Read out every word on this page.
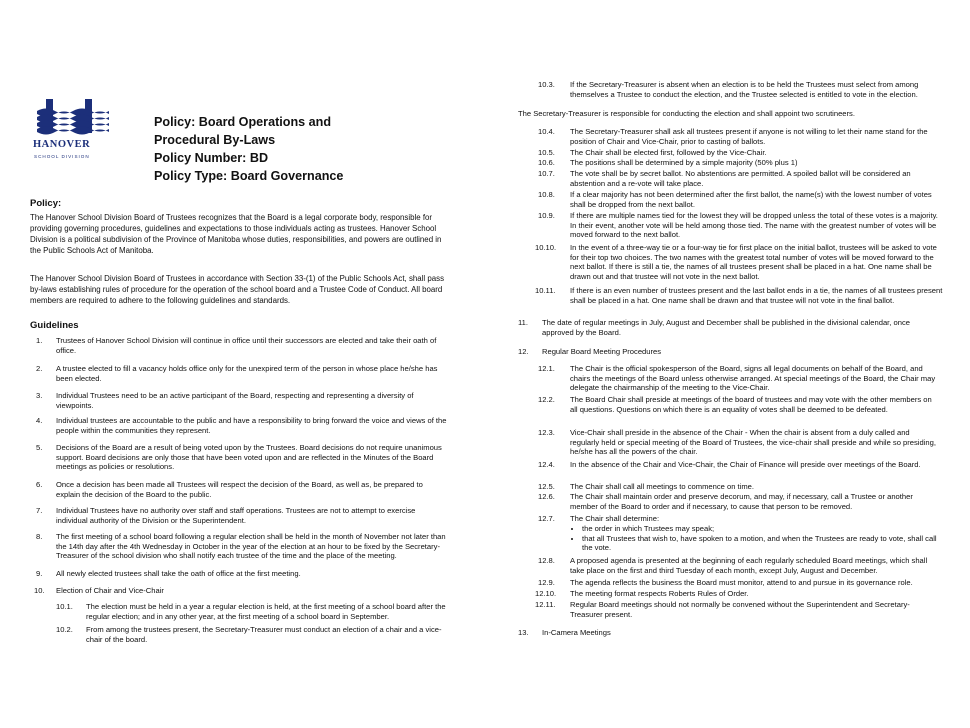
HANOVER
SCHOOL DIVISION
Policy: Board Operations and
Procedural By-Laws
Policy Number: BD
Policy Type: Board Governance
Policy:
The Hanover School Division Board of Trustees recognizes that the Board is a legal corporate body, responsible for providing governing procedures, guidelines and expectations to those individuals acting as trustees. Hanover School Division is a political subdivision of the Province of Manitoba whose duties, responsibilities, and powers are outlined in the Public Schools Act of Manitoba.
The Hanover School Division Board of Trustees in accordance with Section 33-(1) of the Public Schools Act, shall pass by-laws establishing rules of procedure for the operation of the school board and a Trustee Code of Conduct. All board members are required to adhere to the following guidelines and standards.
Guidelines
1. Trustees of Hanover School Division will continue in office until their successors are elected and take their oath of office.
2. A trustee elected to fill a vacancy holds office only for the unexpired term of the person in whose place he/she has been elected.
3. Individual Trustees need to be an active participant of the Board, respecting and representing a diversity of viewpoints.
4. Individual trustees are accountable to the public and have a responsibility to bring forward the voice and views of the people within the communities they represent.
5. Decisions of the Board are a result of being voted upon by the Trustees. Board decisions do not require unanimous support. Board decisions are only those that have been voted upon and are reflected in the Minutes of the Board meetings as policies or resolutions.
6. Once a decision has been made all Trustees will respect the decision of the Board, as well as, be prepared to explain the decision of the Board to the public.
7. Individual Trustees have no authority over staff and staff operations. Trustees are not to attempt to exercise individual authority of the Division or the Superintendent.
8. The first meeting of a school board following a regular election shall be held in the month of November not later than the 14th day after the 4th Wednesday in October in the year of the election at an hour to be fixed by the Secretary-Treasurer of the school division who shall notify each trustee of the time and the place of the meeting.
9. All newly elected trustees shall take the oath of office at the first meeting.
10. Election of Chair and Vice-Chair
10.1. The election must be held in a year a regular election is held, at the first meeting of a school board after the regular election; and in any other year, at the first meeting of a school board in September.
10.2. From among the trustees present, the Secretary-Treasurer must conduct an election of a chair and a vice-chair of the board.
10.3. If the Secretary-Treasurer is absent when an election is to be held the Trustees must select from among themselves a Trustee to conduct the election, and the Trustee selected is entitled to vote in the election.
The Secretary-Treasurer is responsible for conducting the election and shall appoint two scrutineers.
10.4. The Secretary-Treasurer shall ask all trustees present if anyone is not willing to let their name stand for the position of Chair and Vice-Chair, prior to casting of ballots.
10.5. The Chair shall be elected first, followed by the Vice-Chair.
10.6. The positions shall be determined by a simple majority (50% plus 1)
10.7. The vote shall be by secret ballot. No abstentions are permitted. A spoiled ballot will be considered an abstention and a re-vote will take place.
10.8. If a clear majority has not been determined after the first ballot, the name(s) with the lowest number of votes shall be dropped from the next ballot.
10.9. If there are multiple names tied for the lowest they will be dropped unless the total of these votes is a majority. In their event, another vote will be held among those tied. The name with the greatest number of votes will be moved forward to the next ballot.
10.10. In the event of a three-way tie or a four-way tie for first place on the initial ballot, trustees will be asked to vote for their top two choices. The two names with the greatest total number of votes will be moved forward to the next ballot. If there is still a tie, the names of all trustees present shall be placed in a hat. One name shall be drawn out and that trustee will not vote in the next ballot.
10.11. If there is an even number of trustees present and the last ballot ends in a tie, the names of all trustees present shall be placed in a hat. One name shall be drawn and that trustee will not vote in the final ballot.
11. The date of regular meetings in July, August and December shall be published in the divisional calendar, once approved by the Board.
12. Regular Board Meeting Procedures
12.1. The Chair is the official spokesperson of the Board, signs all legal documents on behalf of the Board, and chairs the meetings of the Board unless otherwise arranged. At special meetings of the Board, the Chair may delegate the chairmanship of the meeting to the Vice-Chair.
12.2. The Board Chair shall preside at meetings of the board of trustees and may vote with the other members on all questions. Questions on which there is an equality of votes shall be deemed to be defeated.
12.3. Vice-Chair shall preside in the absence of the Chair - When the chair is absent from a duly called and regularly held or special meeting of the Board of Trustees, the vice-chair shall preside and while so presiding, he/she has all the powers of the chair.
12.4. In the absence of the Chair and Vice-Chair, the Chair of Finance will preside over meetings of the Board.
12.5. The Chair shall call all meetings to commence on time.
12.6. The Chair shall maintain order and preserve decorum, and may, if necessary, call a Trustee or another member of the Board to order and if necessary, to cause that person to be removed.
12.7. The Chair shall determine:
• the order in which Trustees may speak;
• that all Trustees that wish to, have spoken to a motion, and when the Trustees are ready to vote, shall call the vote.
12.8. A proposed agenda is presented at the beginning of each regularly scheduled Board meetings, which shall take place on the first and third Tuesday of each month, except July, August and December.
12.9. The agenda reflects the business the Board must monitor, attend to and pursue in its governance role.
12.10. The meeting format respects Roberts Rules of Order.
12.11. Regular Board meetings should not normally be convened without the Superintendent and Secretary-Treasurer present.
13. In-Camera Meetings
